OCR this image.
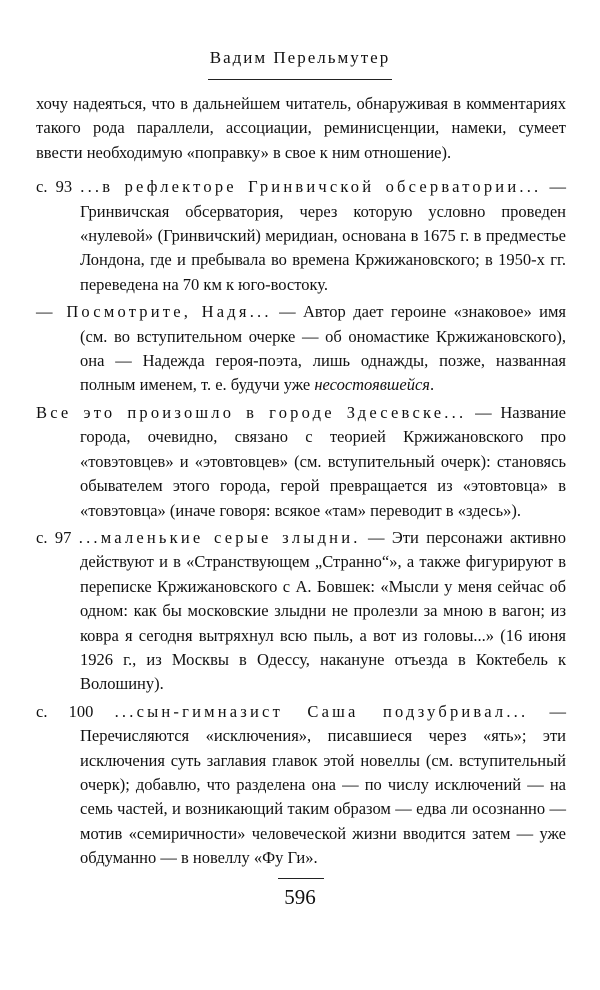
Вадим Перельмутер

хочу надеяться, что в дальнейшем читатель, обнаруживая в комментариях такого рода параллели, ассоциации, реминисценции, намеки, сумеет ввести необходимую «поправку» в свое к ним отношение).

с. 93 ...в рефлекторе Гринвичской обсерватории... — Гринвичская обсерватория, через которую условно проведен «нулевой» (Гринвичский) меридиан, основана в 1675 г. в предместье Лондона, где и пребывала во времена Кржижановского; в 1950-х гг. переведена на 70 км к юго-востоку.

— Посмотрите, Надя... — Автор дает героине «знаковое» имя (см. во вступительном очерке — об ономастике Кржижановского), она — Надежда героя-поэта, лишь однажды, позже, названная полным именем, т. е. будучи уже несостоявшейся.

Все это произошло в городе Здесевске... — Название города, очевидно, связано с теорией Кржижановского про «товэтовцев» и «этовтовцев» (см. вступительный очерк): становясь обывателем этого города, герой превращается из «этовтовца» в «товэтовца» (иначе говоря: всякое «там» переводит в «здесь»).

с. 97 ...маленькие серые злыдни. — Эти персонажи активно действуют и в «Странствующем „Странно“», а также фигурируют в переписке Кржижановского с А. Бовшек: «Мысли у меня сейчас об одном: как бы московские злыдни не пролезли за мною в вагон; из ковра я сегодня вытряхнул всю пыль, а вот из головы...» (16 июня 1926 г., из Москвы в Одессу, накануне отъезда в Коктебель к Волошину).

с. 100 ...сын-гимназист Саша подзубривал... — Перечисляются «исключения», писавшиеся через «ять»; эти исключения суть заглавия главок этой новеллы (см. вступительный очерк); добавлю, что разделена она — по числу исключений — на семь частей, и возникающий таким образом — едва ли осознанно — мотив «семиричности» человеческой жизни вводится затем — уже обдуманно — в новеллу «Фу Ги».

596
